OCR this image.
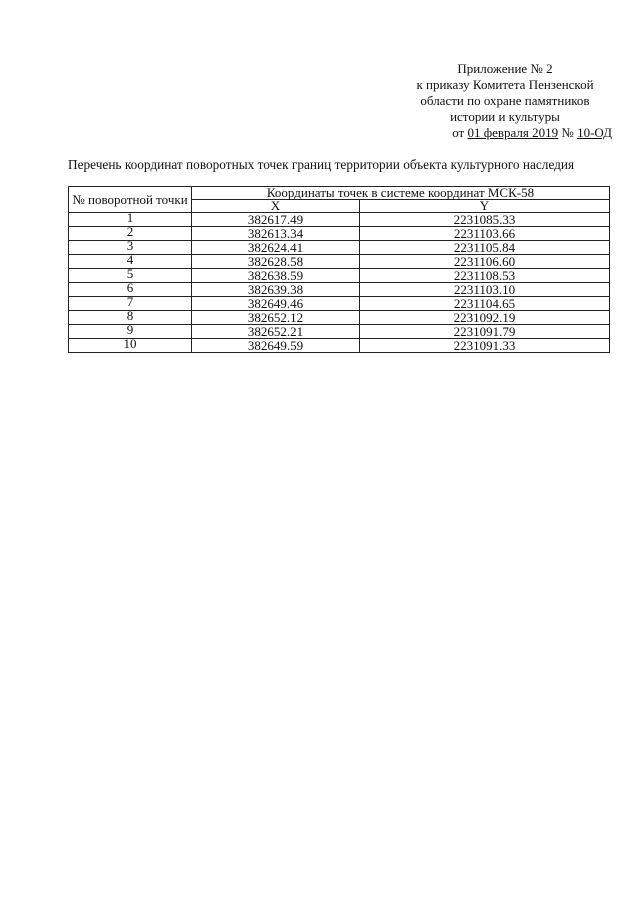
Приложение № 2
к приказу Комитета Пензенской
области по охране памятников
истории и культуры
от 01 февраля 2019 № 10-ОД
Перечень координат поворотных точек границ территории объекта культурного наследия
№ поворотной точки	Координаты точек в системе координат МСК-58	
	X	Y
1	382617.49	2231085.33
2	382613.34	2231103.66
3	382624.41	2231105.84
4	382628.58	2231106.60
5	382638.59	2231108.53
6	382639.38	2231103.10
7	382649.46	2231104.65
8	382652.12	2231092.19
9	382652.21	2231091.79
10	382649.59	2231091.33
